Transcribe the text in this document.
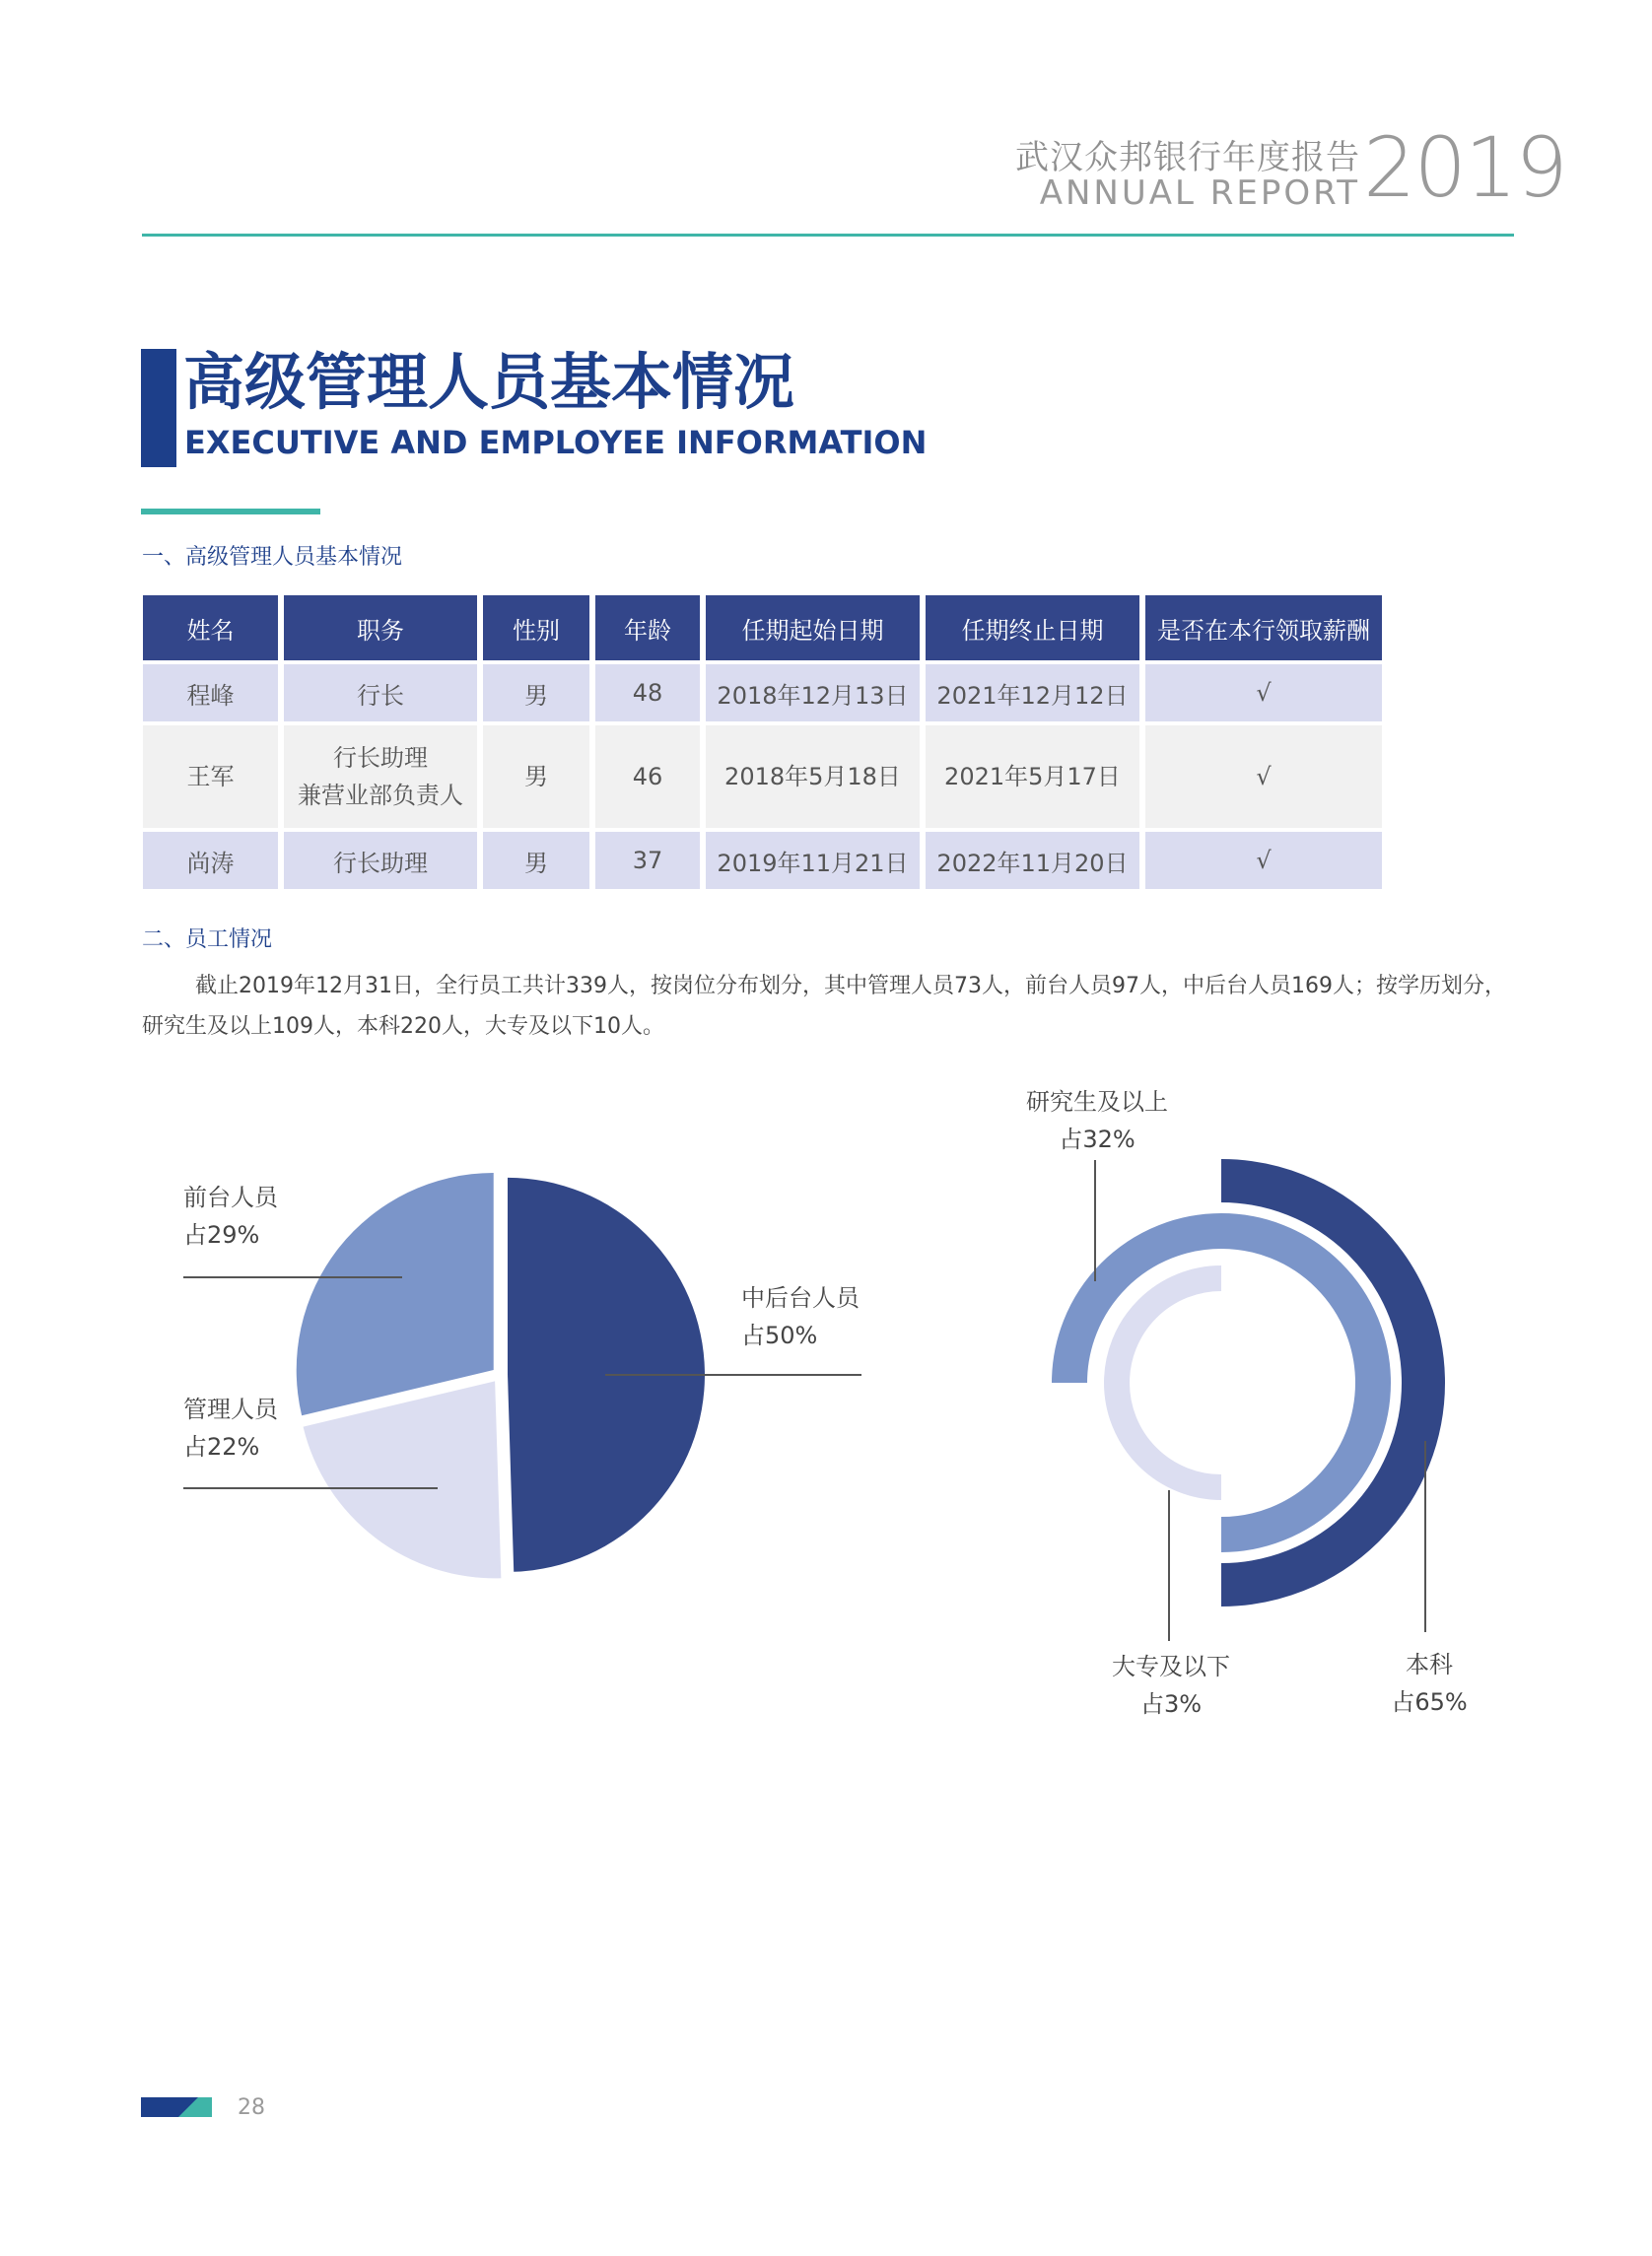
武汉众邦银行年度报告
ANNUAL REPORT 2019
高级管理人员基本情况
EXECUTIVE AND EMPLOYEE INFORMATION
一、高级管理人员基本情况
姓名	职务	性别	年龄	任期起始日期	任期终止日期	是否在本行领取薪酬
程峰	行长	男	48	2018年12月13日	2021年12月12日	√
王军	行长助理
兼营业部负责人	男	46	2018年5月18日	2021年5月17日	√
尚涛	行长助理	男	37	2019年11月21日	2022年11月20日	√
二、员工情况
截止2019年12月31日，全行员工共计339人，按岗位分布划分，其中管理人员73人，前台人员97人，中后台人员169人；按学历划分，研究生及以上109人，本科220人，大专及以下10人。
前台人员
占29%
管理人员
占22%
中后台人员
占50%
研究生及以上
占32%
大专及以下
占3%
本科
占65%
28
